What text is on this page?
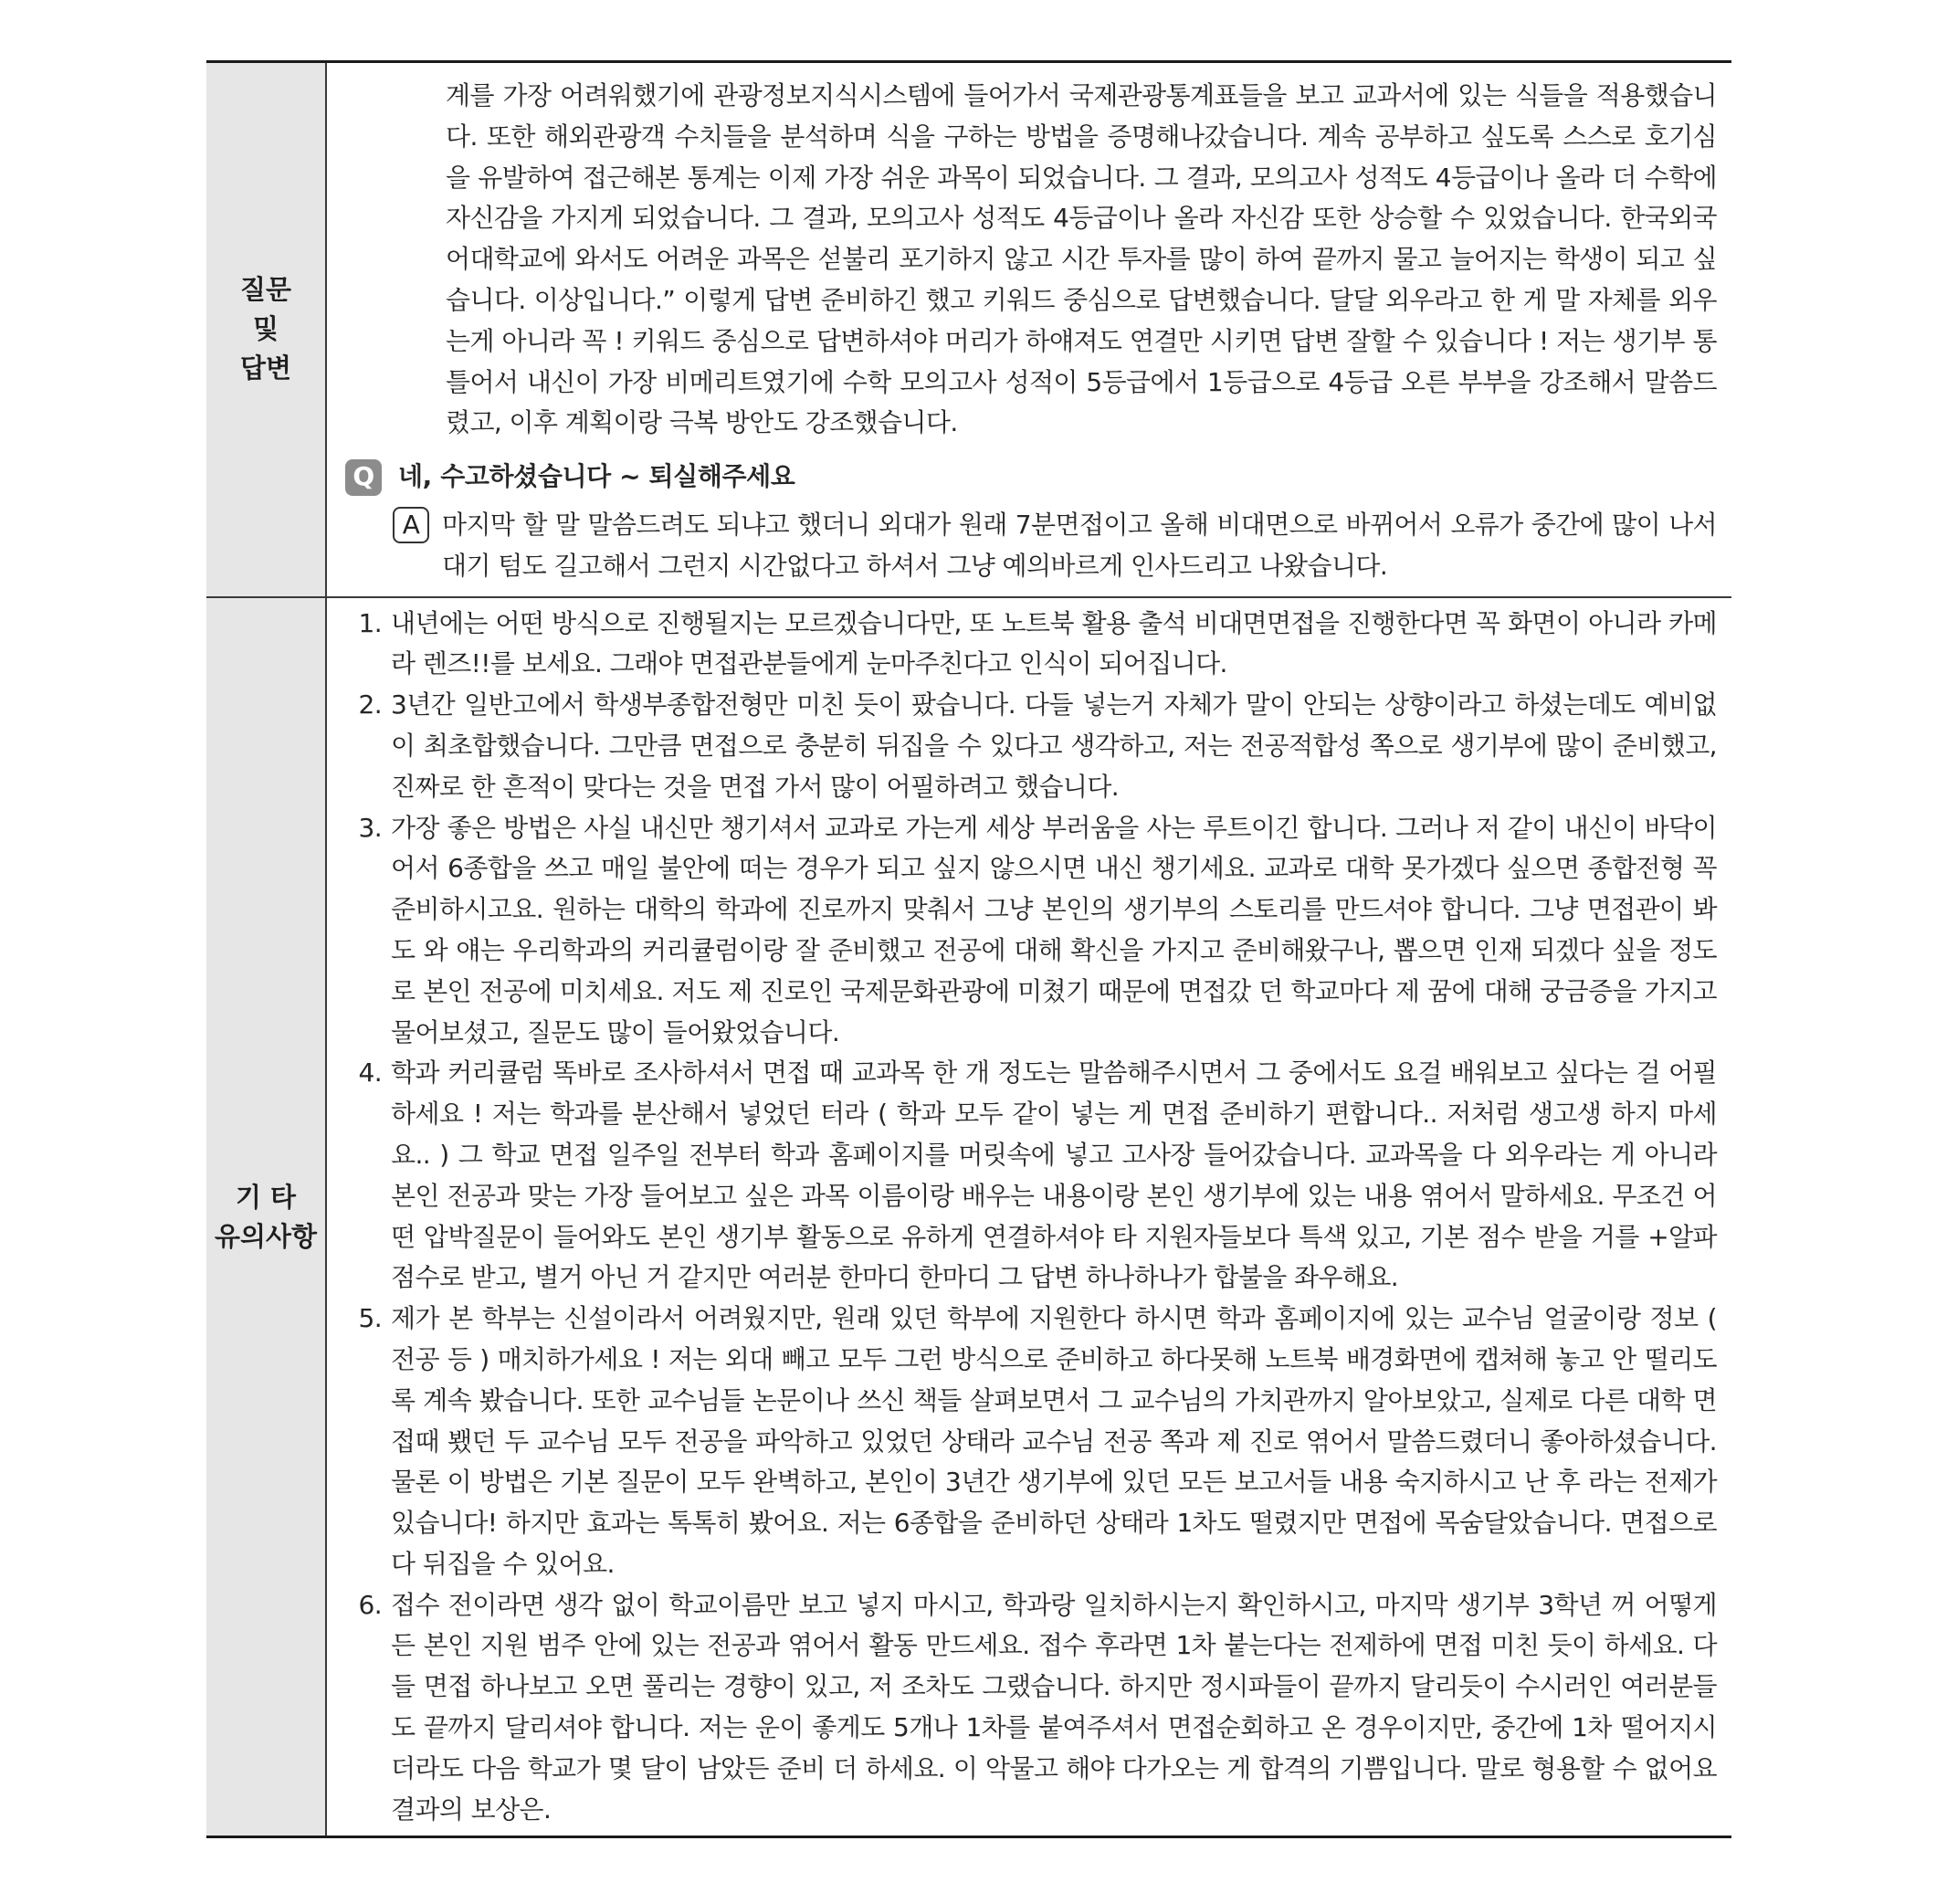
질문
및
답변
계를 가장 어려워했기에 관광정보지식시스템에 들어가서 국제관광통계표들을 보고 교과서에 있는 식들을 적용했습니다. 또한 해외관광객 수치들을 분석하며 식을 구하는 방법을 증명해나갔습니다. 계속 공부하고 싶도록 스스로 호기심을 유발하여 접근해본 통계는 이제 가장 쉬운 과목이 되었습니다. 그 결과, 모의고사 성적도 4등급이나 올라 더 수학에 자신감을 가지게 되었습니다. 그 결과, 모의고사 성적도 4등급이나 올라 자신감 또한 상승할 수 있었습니다. 한국외국어대학교에 와서도 어려운 과목은 섣불리 포기하지 않고 시간 투자를 많이 하여 끝까지 물고 늘어지는 학생이 되고 싶습니다. 이상입니다.” 이렇게 답변 준비하긴 했고 키워드 중심으로 답변했습니다. 달달 외우라고 한 게 말 자체를 외우는게 아니라 꼭 ! 키워드 중심으로 답변하셔야 머리가 하얘져도 연결만 시키면 답변 잘할 수 있습니다 ! 저는 생기부 통틀어서 내신이 가장 비메리트였기에 수학 모의고사 성적이 5등급에서 1등급으로 4등급 오른 부부을 강조해서 말씀드렸고, 이후 계획이랑 극복 방안도 강조했습니다.
Q 네, 수고하셨습니다 ~ 퇴실해주세요
A 마지막 할 말 말씀드려도 되냐고 했더니 외대가 원래 7분면접이고 올해 비대면으로 바뀌어서 오류가 중간에 많이 나서 대기 텀도 길고해서 그런지 시간없다고 하셔서 그냥 예의바르게 인사드리고 나왔습니다.
기 타
유의사항
1. 내년에는 어떤 방식으로 진행될지는 모르겠습니다만, 또 노트북 활용 출석 비대면면접을 진행한다면 꼭 화면이 아니라 카메라 렌즈!!를 보세요. 그래야 면접관분들에게 눈마주친다고 인식이 되어집니다.
2. 3년간 일반고에서 학생부종합전형만 미친 듯이 팠습니다. 다들 넣는거 자체가 말이 안되는 상향이라고 하셨는데도 예비없이 최초합했습니다. 그만큼 면접으로 충분히 뒤집을 수 있다고 생각하고, 저는 전공적합성 쪽으로 생기부에 많이 준비했고, 진짜로 한 흔적이 맞다는 것을 면접 가서 많이 어필하려고 했습니다.
3. 가장 좋은 방법은 사실 내신만 챙기셔서 교과로 가는게 세상 부러움을 사는 루트이긴 합니다. 그러나 저 같이 내신이 바닥이어서 6종합을 쓰고 매일 불안에 떠는 경우가 되고 싶지 않으시면 내신 챙기세요. 교과로 대학 못가겠다 싶으면 종합전형 꼭 준비하시고요. 원하는 대학의 학과에 진로까지 맞춰서 그냥 본인의 생기부의 스토리를 만드셔야 합니다. 그냥 면접관이 봐도 와 얘는 우리학과의 커리큘럼이랑 잘 준비했고 전공에 대해 확신을 가지고 준비해왔구나, 뽑으면 인재 되겠다 싶을 정도로 본인 전공에 미치세요. 저도 제 진로인 국제문화관광에 미쳤기 때문에 면접갔 던 학교마다 제 꿈에 대해 궁금증을 가지고 물어보셨고, 질문도 많이 들어왔었습니다.
4. 학과 커리큘럼 똑바로 조사하셔서 면접 때 교과목 한 개 정도는 말씀해주시면서 그 중에서도 요걸 배워보고 싶다는 걸 어필하세요 ! 저는 학과를 분산해서 넣었던 터라 ( 학과 모두 같이 넣는 게 면접 준비하기 편합니다.. 저처럼 생고생 하지 마세요.. ) 그 학교 면접 일주일 전부터 학과 홈페이지를 머릿속에 넣고 고사장 들어갔습니다. 교과목을 다 외우라는 게 아니라 본인 전공과 맞는 가장 들어보고 싶은 과목 이름이랑 배우는 내용이랑 본인 생기부에 있는 내용 엮어서 말하세요. 무조건 어떤 압박질문이 들어와도 본인 생기부 활동으로 유하게 연결하셔야 타 지원자들보다 특색 있고, 기본 점수 받을 거를 +알파 점수로 받고, 별거 아닌 거 같지만 여러분 한마디 한마디 그 답변 하나하나가 합불을 좌우해요.
5. 제가 본 학부는 신설이라서 어려웠지만, 원래 있던 학부에 지원한다 하시면 학과 홈페이지에 있는 교수님 얼굴이랑 정보 ( 전공 등 ) 매치하가세요 ! 저는 외대 빼고 모두 그런 방식으로 준비하고 하다못해 노트북 배경화면에 캡쳐해 놓고 안 떨리도록 계속 봤습니다. 또한 교수님들 논문이나 쓰신 책들 살펴보면서 그 교수님의 가치관까지 알아보았고, 실제로 다른 대학 면접때 뵀던 두 교수님 모두 전공을 파악하고 있었던 상태라 교수님 전공 쪽과 제 진로 엮어서 말씀드렸더니 좋아하셨습니다. 물론 이 방법은 기본 질문이 모두 완벽하고, 본인이 3년간 생기부에 있던 모든 보고서들 내용 숙지하시고 난 후 라는 전제가 있습니다! 하지만 효과는 톡톡히 봤어요. 저는 6종합을 준비하던 상태라 1차도 떨렸지만 면접에 목숨달았습니다. 면접으로 다 뒤집을 수 있어요.
6. 접수 전이라면 생각 없이 학교이름만 보고 넣지 마시고, 학과랑 일치하시는지 확인하시고, 마지막 생기부 3학년 꺼 어떻게든 본인 지원 범주 안에 있는 전공과 엮어서 활동 만드세요. 접수 후라면 1차 붙는다는 전제하에 면접 미친 듯이 하세요. 다들 면접 하나보고 오면 풀리는 경향이 있고, 저 조차도 그랬습니다. 하지만 정시파들이 끝까지 달리듯이 수시러인 여러분들도 끝까지 달리셔야 합니다. 저는 운이 좋게도 5개나 1차를 붙여주셔서 면접순회하고 온 경우이지만, 중간에 1차 떨어지시더라도 다음 학교가 몇 달이 남았든 준비 더 하세요. 이 악물고 해야 다가오는 게 합격의 기쁨입니다. 말로 형용할 수 없어요 결과의 보상은.
